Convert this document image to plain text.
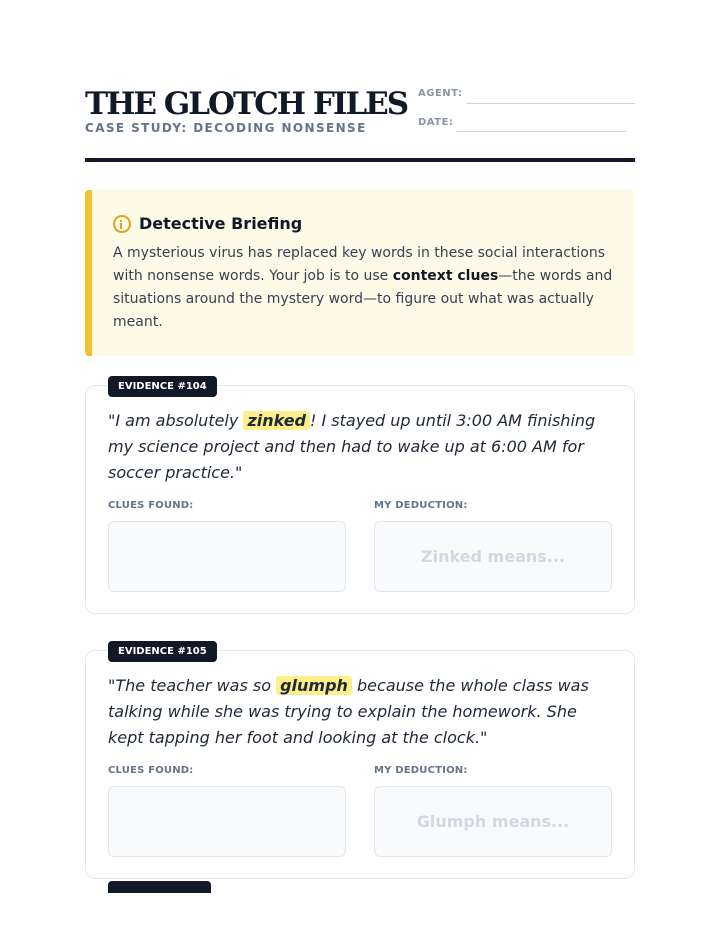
THE GLOTCH FILES
CASE STUDY: DECODING NONSENSE
AGENT:
DATE:
Detective Briefing

A mysterious virus has replaced key words in these social interactions with nonsense words. Your job is to use context clues—the words and situations around the mystery word—to figure out what was actually meant.

EVIDENCE #104

"I am absolutely zinked ! I stayed up until 3:00 AM finishing my science project and then had to wake up at 6:00 AM for soccer practice."

CLUES FOUND:	MY DEDUCTION:
Zinked means...
EVIDENCE #105

"The teacher was so glumph because the whole class was talking while she was trying to explain the homework. She kept tapping her foot and looking at the clock."

CLUES FOUND:	MY DEDUCTION:
Glumph means...
